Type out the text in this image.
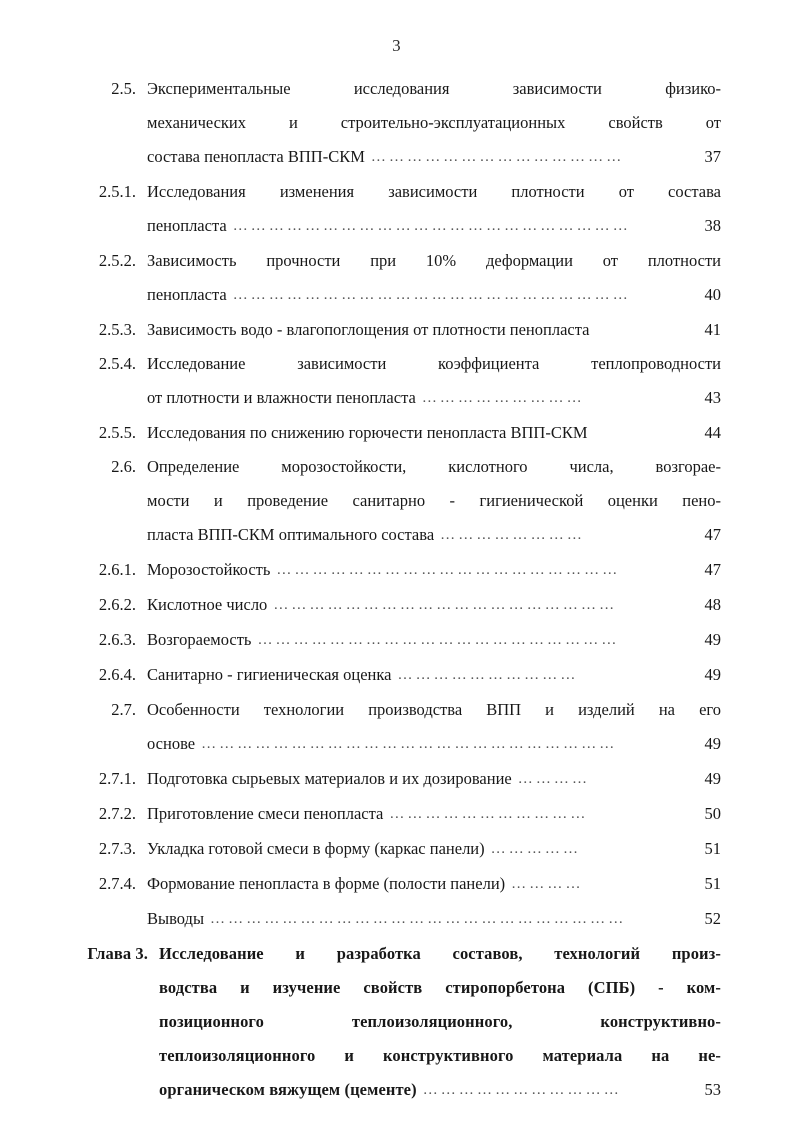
3
2.5. Экспериментальные исследования зависимости физико-
механических и строительно-эксплуатационных свойств от
состава пенопласта ВПП-СКМ ……………………………………	37
2.5.1. Исследования изменения зависимости плотности от состава
пенопласта …………………………………………………………	38
2.5.2. Зависимость прочности при 10% деформации от плотности
пенопласта …………………………………………………………	40
2.5.3. Зависимость водо - влагопоглощения от плотности пенопласта	41
2.5.4. Исследование зависимости коэффициента теплопроводности
от плотности и влажности пенопласта ………………………	43
2.5.5. Исследования по снижению горючести пенопласта ВПП-СКМ	44
2.6. Определение морозостойкости, кислотного числа, возгорае-
мости и проведение санитарно - гигиенической оценки пено-
пласта ВПП-СКМ оптимального состава ……………………	47
2.6.1. Морозостойкость …………………………………………………	47
2.6.2. Кислотное число …………………………………………………	48
2.6.3. Возгораемость ……………………………………………………	49
2.6.4. Санитарно - гигиеническая оценка …………………………	49
2.7. Особенности технологии производства ВПП и изделий на его
основе ……………………………………………………………	49
2.7.1. Подготовка сырьевых материалов и их дозирование …………	49
2.7.2. Приготовление смеси пенопласта ……………………………	50
2.7.3. Укладка готовой смеси в форму (каркас панели) ……………	51
2.7.4. Формование пенопласта в форме (полости панели) …………	51
Выводы ……………………………………………………………	52
Глава 3. Исследование и разработка составов, технологий произ-
водства и изучение свойств стиропорбетона (СПБ) - ком-
позиционного теплоизоляционного, конструктивно-
теплоизоляционного и конструктивного материала на не-
органическом вяжущем (цементе) ……………………………	53
